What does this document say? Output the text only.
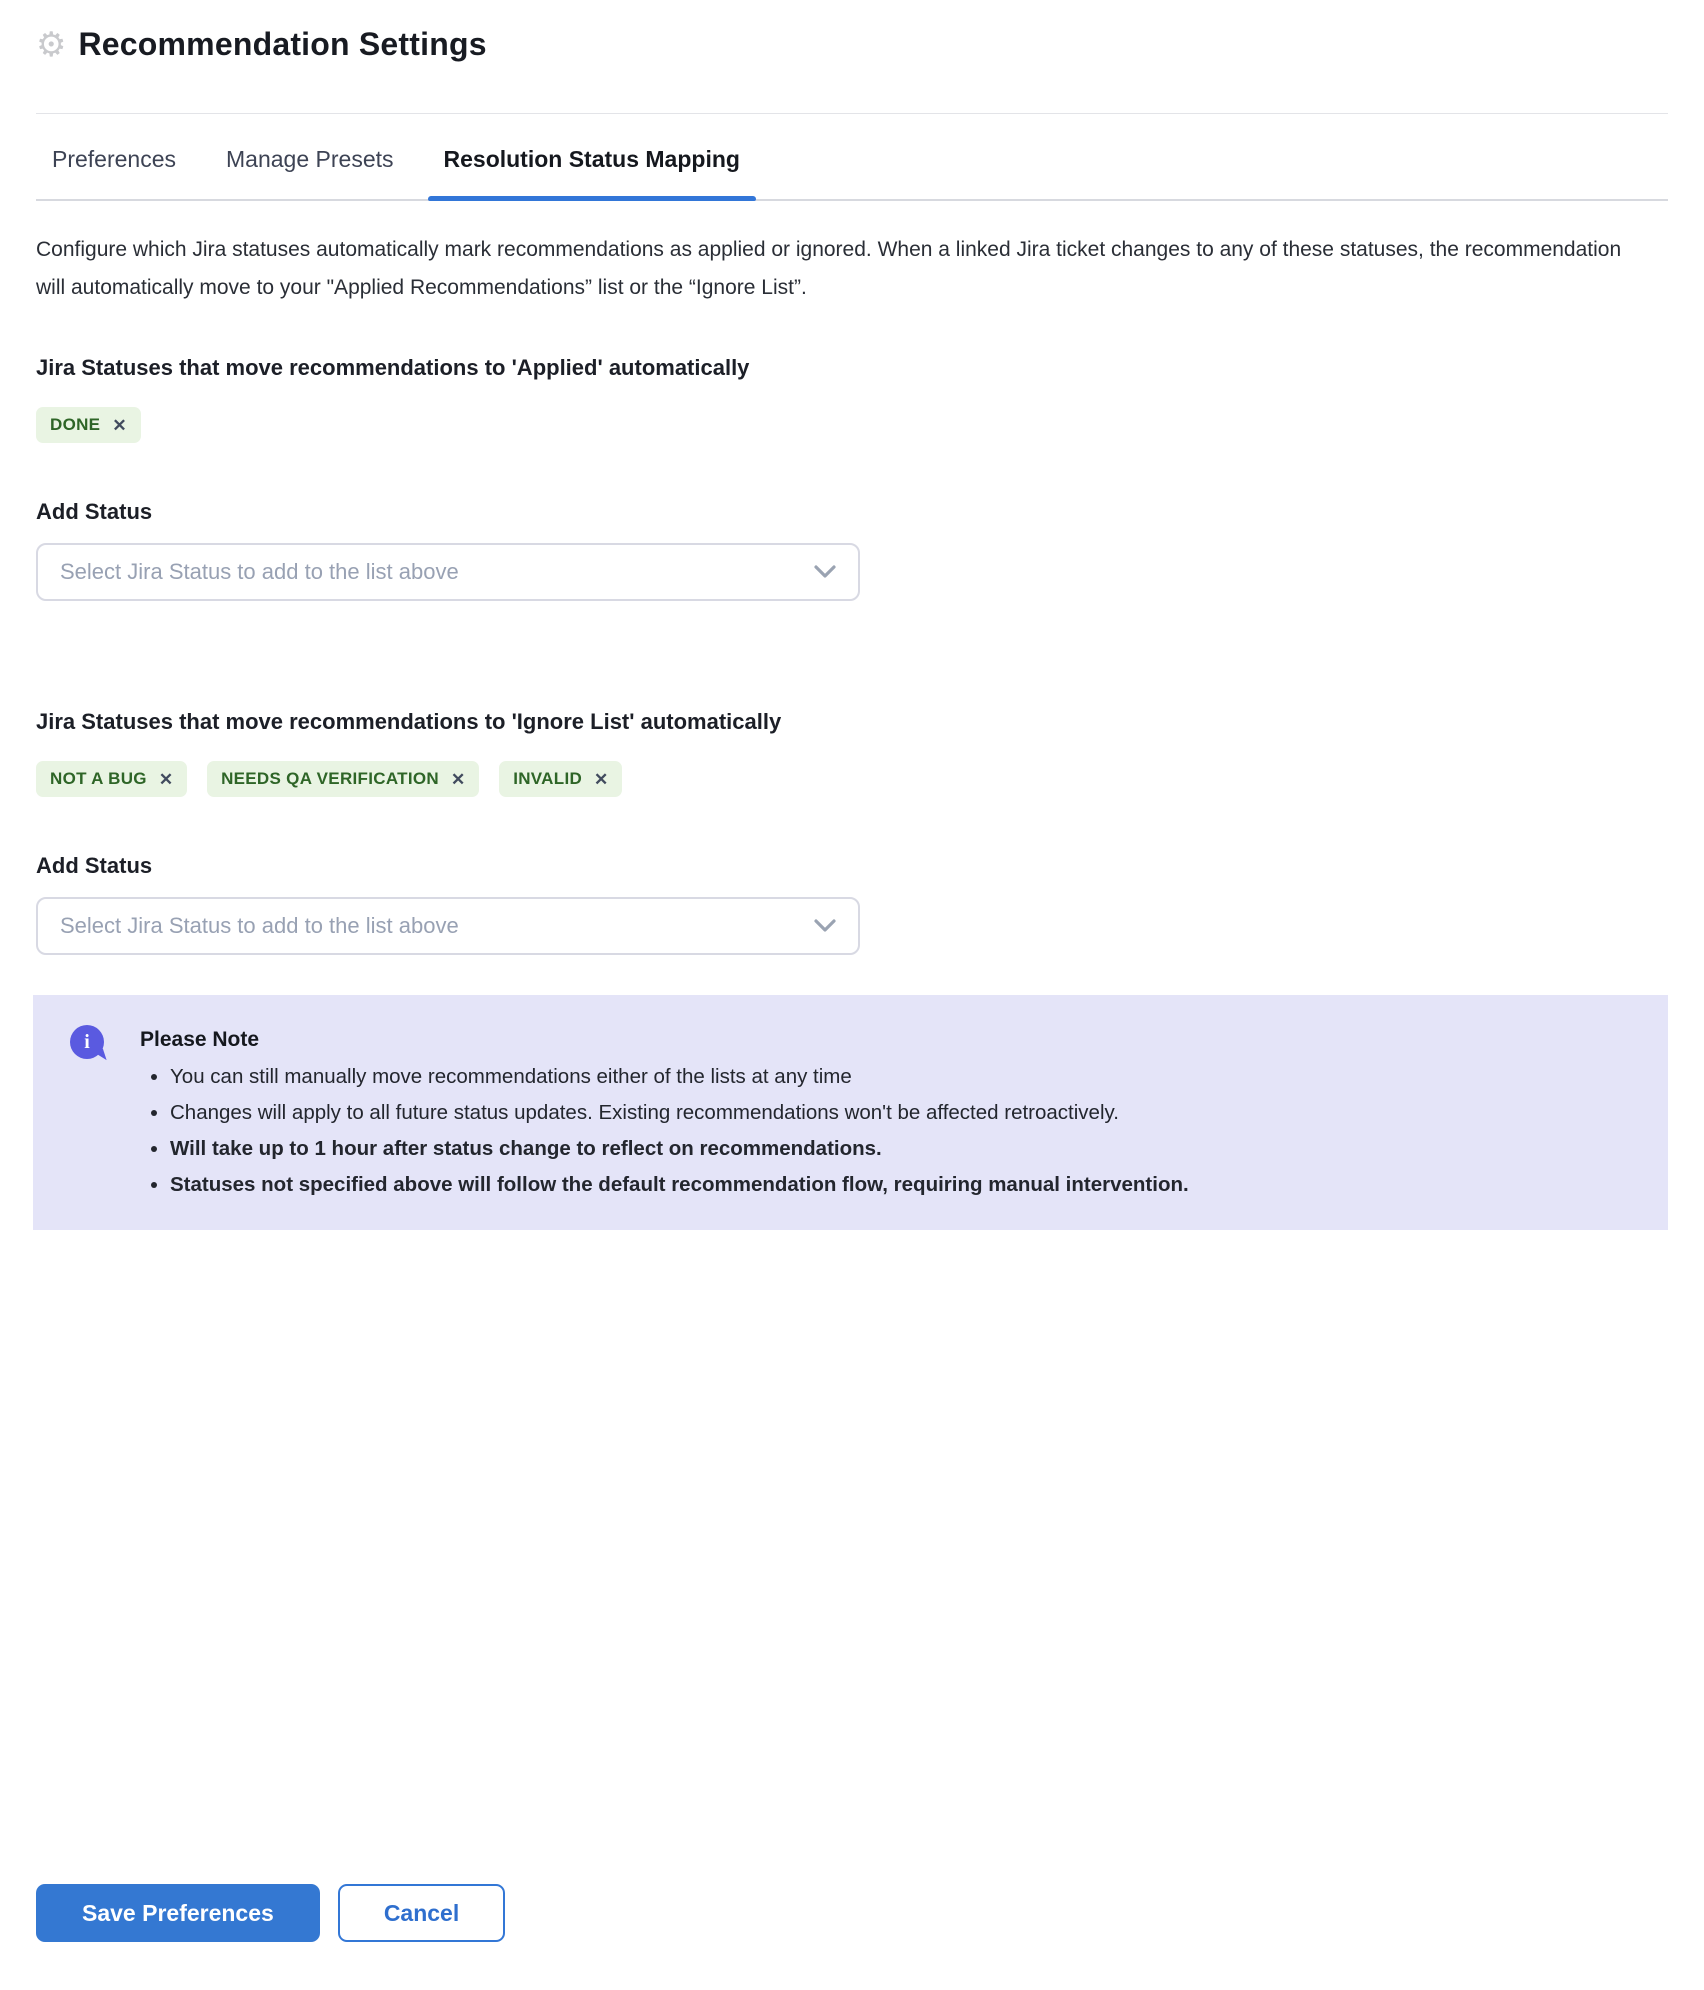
⚙ Recommendation Settings
Preferences	Manage Presets	Resolution Status Mapping

Configure which Jira statuses automatically mark recommendations as applied or ignored. When a linked Jira ticket changes to any of these statuses, the recommendation will automatically move to your "Applied Recommendations” list or the “Ignore List”.

Jira Statuses that move recommendations to 'Applied' automatically
DONE ✕
Add Status
Select Jira Status to add to the list above
Jira Statuses that move recommendations to 'Ignore List' automatically
NOT A BUG ✕	NEEDS QA VERIFICATION ✕	INVALID ✕
Add Status
Select Jira Status to add to the list above
i	Please Note
• You can still manually move recommendations either of the lists at any time
• Changes will apply to all future status updates. Existing recommendations won't be affected retroactively.
• Will take up to 1 hour after status change to reflect on recommendations.
• Statuses not specified above will follow the default recommendation flow, requiring manual intervention.
Save Preferences	Cancel
